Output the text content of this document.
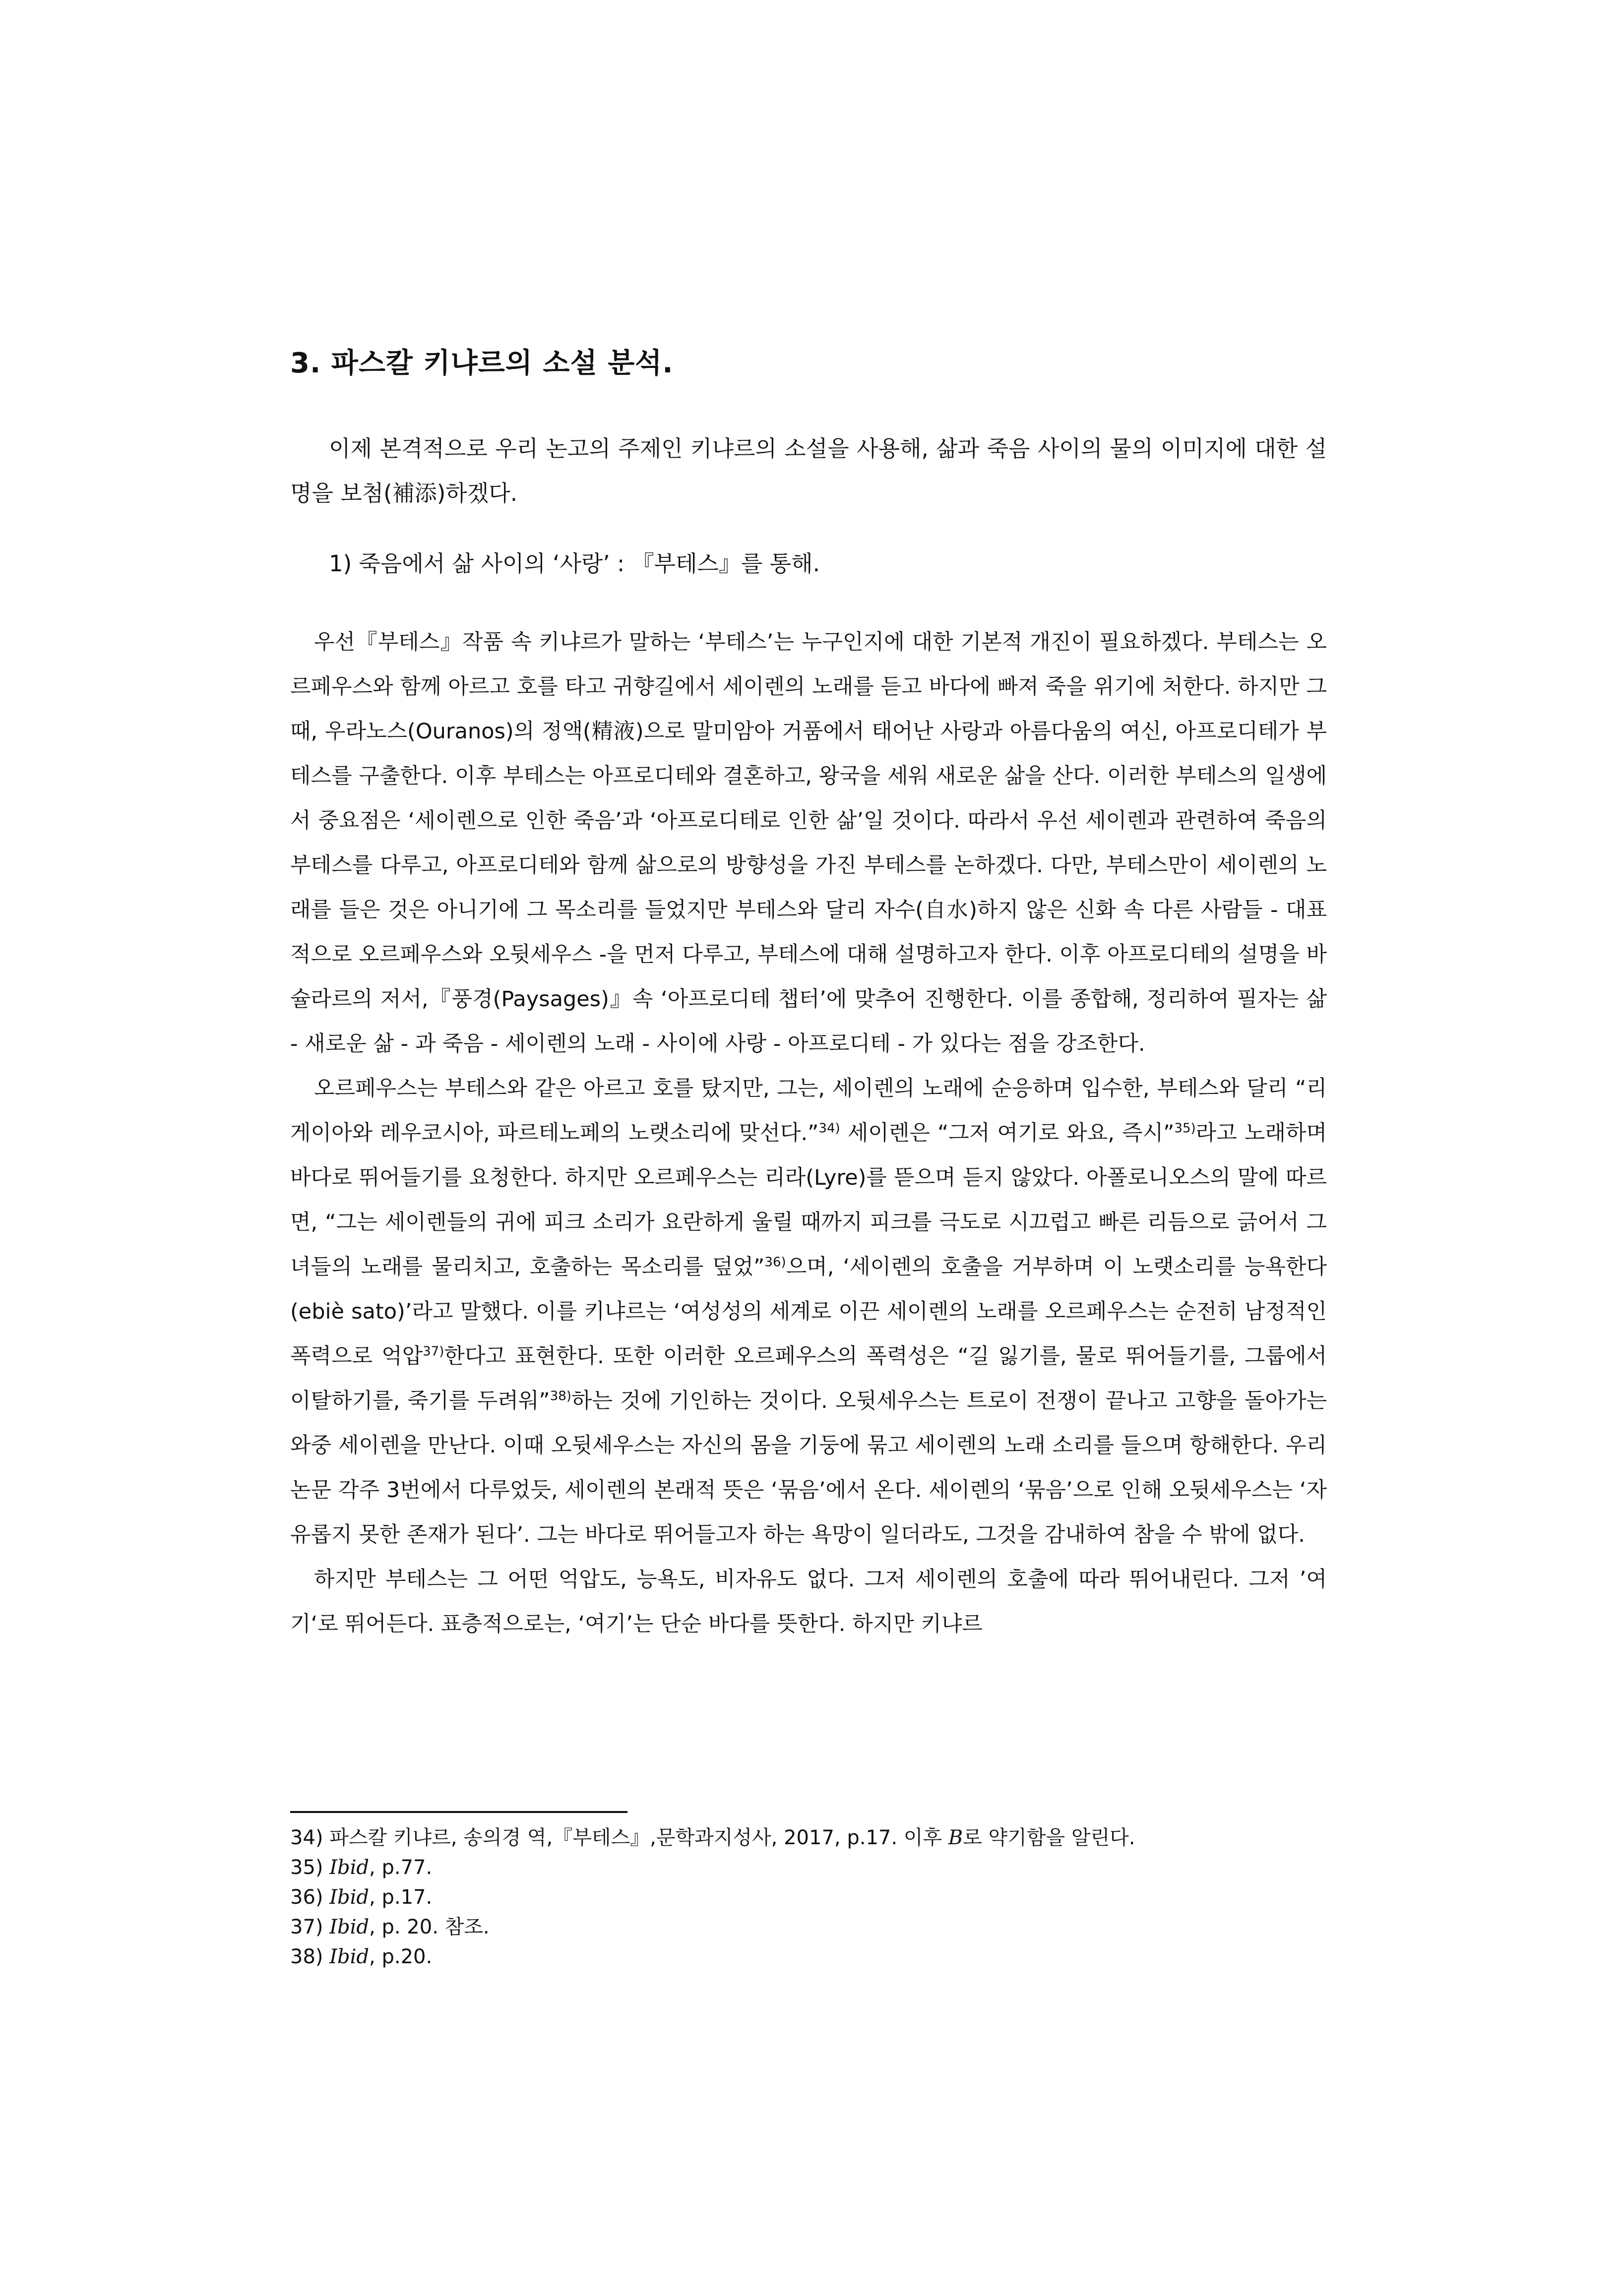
3. 파스칼 키냐르의 소설 분석.
이제 본격적으로 우리 논고의 주제인 키냐르의 소설을 사용해, 삶과 죽음 사이의 물의 이미지에 대한 설명을 보첨(補添)하겠다.
1) 죽음에서 삶 사이의 ‘사랑’ : 『부테스』를 통해.

우선『부테스』작품 속 키냐르가 말하는 ‘부테스’는 누구인지에 대한 기본적 개진이 필요하겠다. 부테스는 오르페우스와 함께 아르고 호를 타고 귀향길에서 세이렌의 노래를 듣고 바다에 빠져 죽을 위기에 처한다. 하지만 그때, 우라노스(Ouranos)의 정액(精液)으로 말미암아 거품에서 태어난 사랑과 아름다움의 여신, 아프로디테가 부테스를 구출한다. 이후 부테스는 아프로디테와 결혼하고, 왕국을 세워 새로운 삶을 산다. 이러한 부테스의 일생에서 중요점은 ‘세이렌으로 인한 죽음’과 ‘아프로디테로 인한 삶’일 것이다. 따라서 우선 세이렌과 관련하여 죽음의 부테스를 다루고, 아프로디테와 함께 삶으로의 방향성을 가진 부테스를 논하겠다. 다만, 부테스만이 세이렌의 노래를 들은 것은 아니기에 그 목소리를 들었지만 부테스와 달리 자수(自水)하지 않은 신화 속 다른 사람들 - 대표적으로 오르페우스와 오뒷세우스 -을 먼저 다루고, 부테스에 대해 설명하고자 한다. 이후 아프로디테의 설명을 바슐라르의 저서,『풍경(Paysages)』속 ‘아프로디테 챕터’에 맞추어 진행한다. 이를 종합해, 정리하여 필자는 삶 - 새로운 삶 - 과 죽음 - 세이렌의 노래 - 사이에 사랑 - 아프로디테 - 가 있다는 점을 강조한다.

오르페우스는 부테스와 같은 아르고 호를 탔지만, 그는, 세이렌의 노래에 순응하며 입수한, 부테스와 달리 “리게이아와 레우코시아, 파르테노페의 노랫소리에 맞선다.”$^{34)}$ 세이렌은 “그저 여기로 와요, 즉시”$^{35)}$라고 노래하며 바다로 뛰어들기를 요청한다. 하지만 오르페우스는 리라(Lyre)를 뜯으며 듣지 않았다. 아폴로니오스의 말에 따르면, “그는 세이렌들의 귀에 피크 소리가 요란하게 울릴 때까지 피크를 극도로 시끄럽고 빠른 리듬으로 긁어서 그녀들의 노래를 물리치고, 호출하는 목소리를 덮었”$^{36)}$으며, ‘세이렌의 호출을 거부하며 이 노랫소리를 능욕한다(ebiè sato)’라고 말했다. 이를 키냐르는 ‘여성성의 세계로 이끈 세이렌의 노래를 오르페우스는 순전히 남정적인 폭력으로 억압$^{37)}$한다고 표현한다. 또한 이러한 오르페우스의 폭력성은 “길 잃기를, 물로 뛰어들기를, 그룹에서 이탈하기를, 죽기를 두려워”$^{38)}$하는 것에 기인하는 것이다. 오뒷세우스는 트로이 전쟁이 끝나고 고향을 돌아가는 와중 세이렌을 만난다. 이때 오뒷세우스는 자신의 몸을 기둥에 묶고 세이렌의 노래 소리를 들으며 항해한다. 우리 논문 각주 3번에서 다루었듯, 세이렌의 본래적 뜻은 ‘묶음’에서 온다. 세이렌의 ‘묶음’으로 인해 오뒷세우스는 ‘자유롭지 못한 존재가 된다’. 그는 바다로 뛰어들고자 하는 욕망이 일더라도, 그것을 감내하여 참을 수 밖에 없다.

하지만 부테스는 그 어떤 억압도, 능욕도, 비자유도 없다. 그저 세이렌의 호출에 따라 뛰어내린다. 그저 ’여기‘로 뛰어든다. 표층적으로는, ‘여기’는 단순 바다를 뜻한다. 하지만 키냐르

34) 파스칼 키냐르, 송의경 역,『부테스』,문학과지성사, 2017, p.17. 이후 B로 약기함을 알린다.
35) Ibid, p.77.
36) Ibid, p.17.
37) Ibid, p. 20. 참조.
38) Ibid, p.20.
